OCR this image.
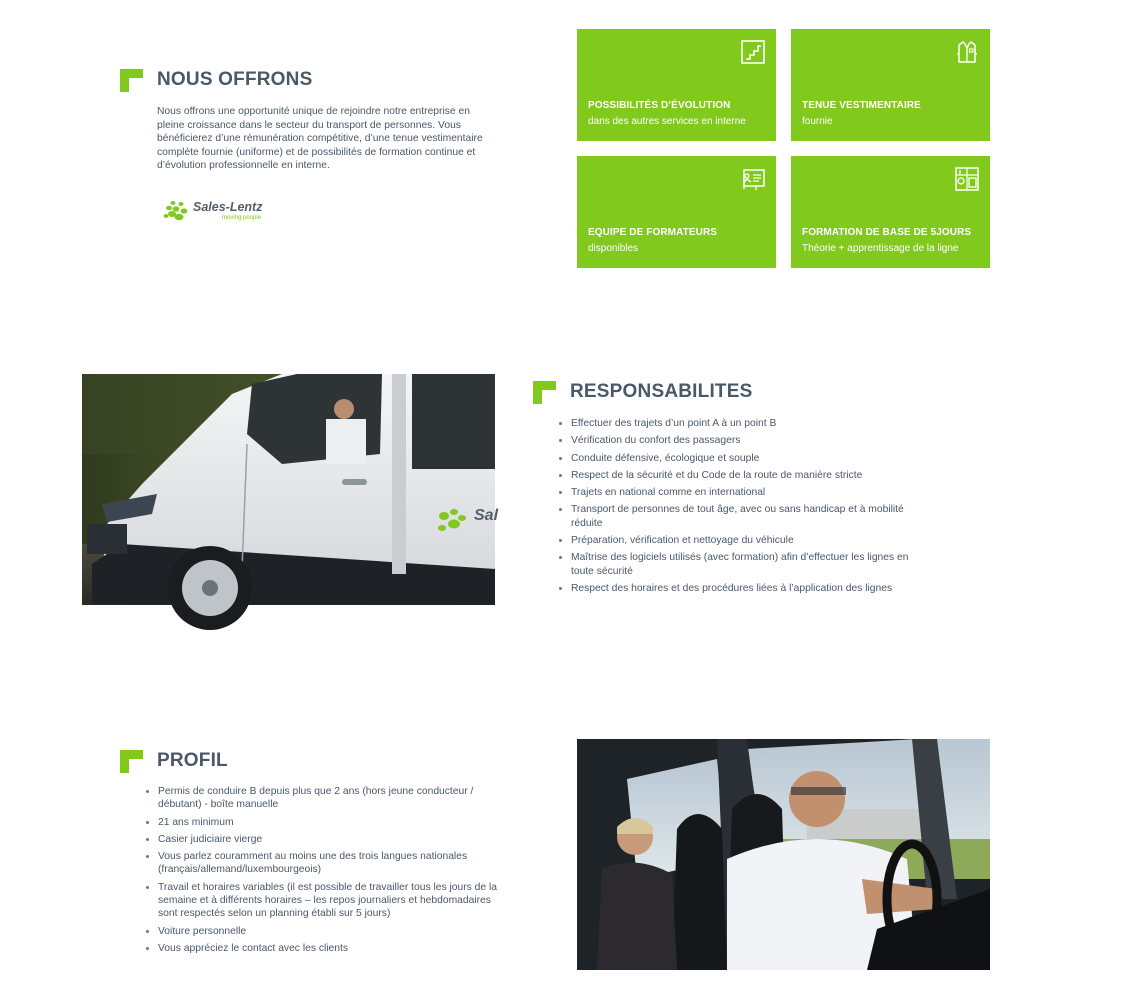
NOUS OFFRONS

Nous offrons une opportunité unique de rejoindre notre entreprise en pleine croissance dans le secteur du transport de personnes. Vous bénéficierez d’une rémunération compétitive, d’une tenue vestimentaire complète fournie (uniforme) et de possibilités de formation continue et d’évolution professionnelle en interne.

Sales-Lentz
moving people
POSSIBILITÉS D’ÉVOLUTION
dans des autres services en interne
TENUE VESTIMENTAIRE
fournie
EQUIPE DE FORMATEURS
disponibles
FORMATION DE BASE DE 5JOURS
Théorie + apprentissage de la ligne
Sal
RESPONSABILITES
Effectuer des trajets d’un point A à un point B
Vérification du confort des passagers
Conduite défensive, écologique et souple
Respect de la sécurité et du Code de la route de manière stricte
Trajets en national comme en international
Transport de personnes de tout âge, avec ou sans handicap et à mobilité réduite
Préparation, vérification et nettoyage du véhicule
Maîtrise des logiciels utilisés (avec formation) afin d’effectuer les lignes en toute sécurité
Respect des horaires et des procédures liées à l’application des lignes
PROFIL
Permis de conduire B depuis plus que 2 ans (hors jeune conducteur / débutant) - boîte manuelle
21 ans minimum
Casier judiciaire vierge
Vous parlez couramment au moins une des trois langues nationales (français/allemand/luxembourgeois)
Travail et horaires variables (il est possible de travailler tous les jours de la semaine et à différents horaires – les repos journaliers et hebdomadaires sont respectés selon un planning établi sur 5 jours)
Voiture personnelle
Vous appréciez le contact avec les clients
